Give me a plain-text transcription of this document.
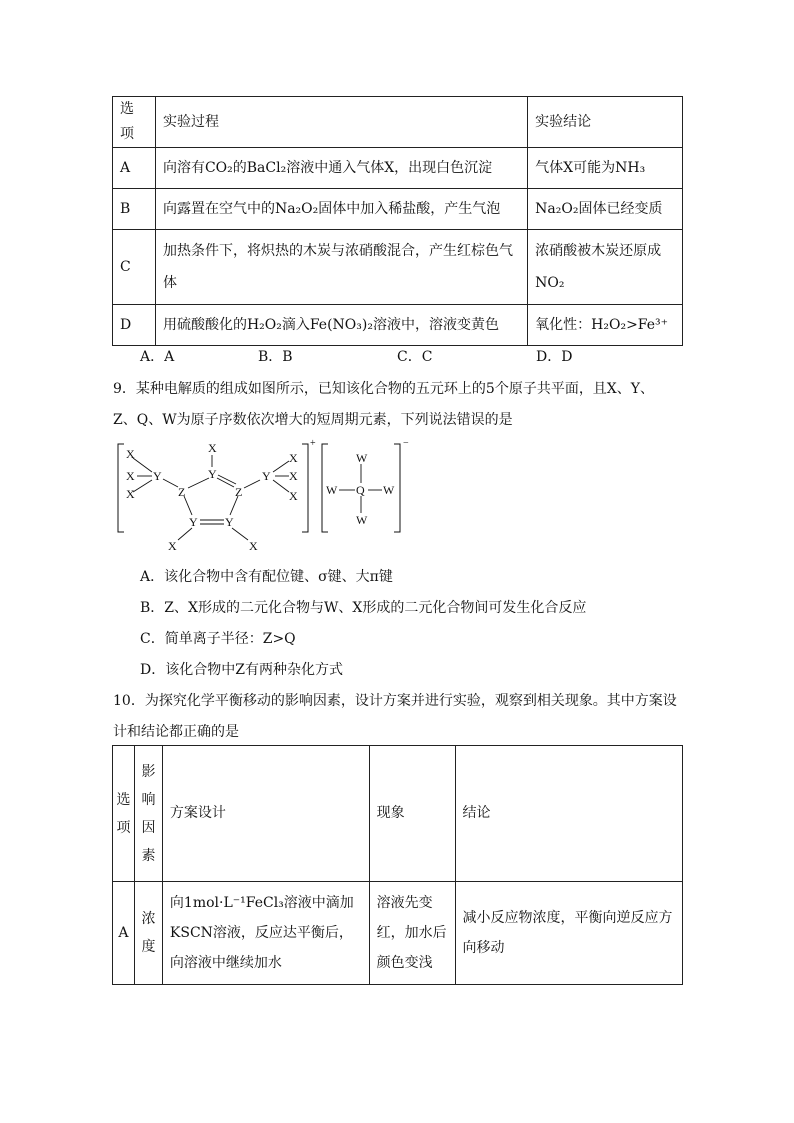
选项	实验过程	实验结论
A	向溶有CO₂的BaCl₂溶液中通入气体X，出现白色沉淀	气体X可能为NH₃
B	向露置在空气中的Na₂O₂固体中加入稀盐酸，产生气泡	Na₂O₂固体已经变质
C	加热条件下，将炽热的木炭与浓硝酸混合，产生红棕色气体	浓硝酸被木炭还原成NO₂
D	用硫酸酸化的H₂O₂滴入Fe(NO₃)₂溶液中，溶液变黄色	氧化性：H₂O₂>Fe³⁺
A．A	B．B	C．C	D．D
9．某种电解质的组成如图所示，已知该化合物的五元环上的5个原子共平面，且X、Y、
Z、Q、W为原子序数依次增大的短周期元素，下列说法错误的是
+	−
X
X
X
Y
X
Y
Z	Z
Y
X
X
X
Y Y
X	X
W
W Q W
W
A．该化合物中含有配位键、σ键、大π键
B．Z、X形成的二元化合物与W、X形成的二元化合物间可发生化合反应
C．简单离子半径：Z>Q
D．该化合物中Z有两种杂化方式
10．为探究化学平衡移动的影响因素，设计方案并进行实验，观察到相关现象。其中方案设
计和结论都正确的是
选项	影响因素	方案设计	现象	结论

A	浓度	向1mol·L⁻¹FeCl₃溶液中滴加KSCN溶液，反应达平衡后，向溶液中继续加水	溶液先变红，加水后颜色变浅	减小反应物浓度，平衡向逆反应方向移动
